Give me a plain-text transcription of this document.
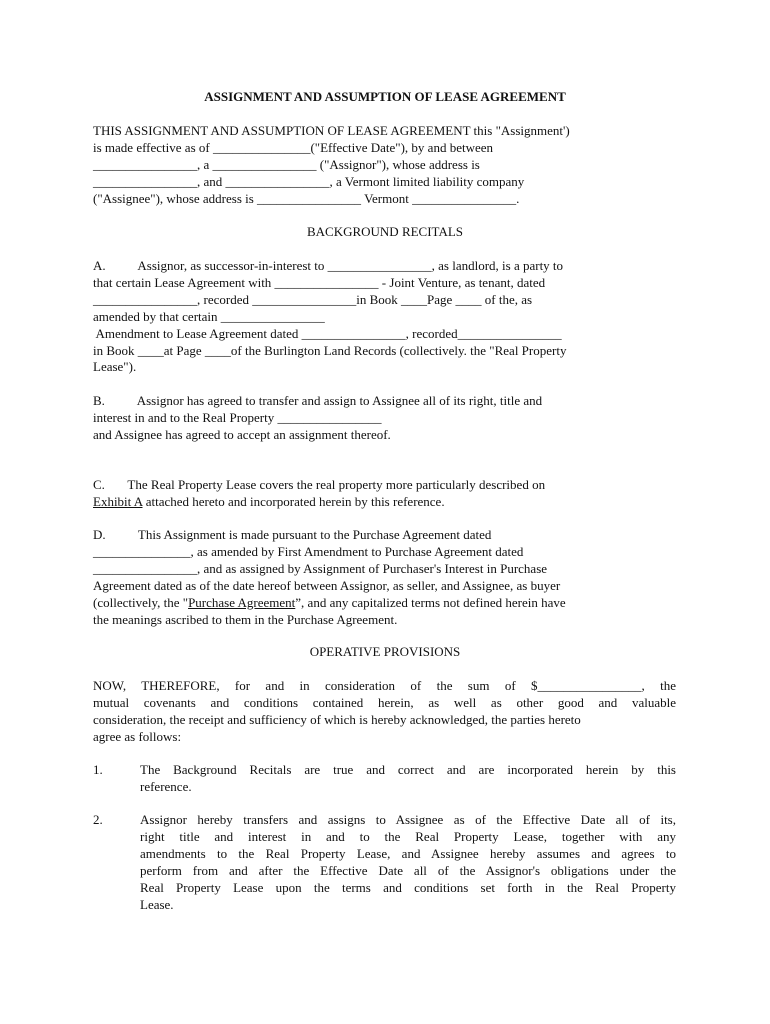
ASSIGNMENT AND ASSUMPTION OF LEASE AGREEMENT
THIS ASSIGNMENT AND ASSUMPTION OF LEASE AGREEMENT this "Assignment')
is made effective as of _______________("Effective Date"), by and between
________________, a ________________ ("Assignor"), whose address is
________________, and ________________, a Vermont limited liability company
("Assignee"), whose address is ________________ Vermont ________________.
BACKGROUND RECITALS
A.          Assignor, as successor-in-interest to ________________, as landlord, is a party to
that certain Lease Agreement with ________________ - Joint Venture, as tenant, dated
________________, recorded ________________in Book ____Page ____ of the, as
amended by that certain ________________
Amendment to Lease Agreement dated ________________, recorded________________
in Book ____at Page ____of the Burlington Land Records (collectively. the "Real Property
Lease").
B.          Assignor has agreed to transfer and assign to Assignee all of its right, title and
interest in and to the Real Property ________________
and Assignee has agreed to accept an assignment thereof.
C.       The Real Property Lease covers the real property more particularly described on
Exhibit A attached hereto and incorporated herein by this reference.
D.          This Assignment is made pursuant to the Purchase Agreement dated
_______________, as amended by First Amendment to Purchase Agreement dated
________________, and as assigned by Assignment of Purchaser's Interest in Purchase
Agreement dated as of the date hereof between Assignor, as seller, and Assignee, as buyer
(collectively, the "Purchase Agreement”, and any capitalized terms not defined herein have
the meanings ascribed to them in the Purchase Agreement.
OPERATIVE PROVISIONS
NOW, THEREFORE, for and in consideration of the sum of $________________, the
mutual covenants and conditions contained herein, as well as other good and valuable
consideration, the receipt and sufficiency of which is hereby acknowledged, the parties hereto
agree as follows:
1.	The Background Recitals are true and correct and are incorporated herein by this
reference.
2.	Assignor hereby transfers and assigns to Assignee as of the Effective Date all of its,
right title and interest in and to the Real Property Lease, together with any
amendments to the Real Property Lease, and Assignee hereby assumes and agrees to
perform from and after the Effective Date all of the Assignor's obligations under the
Real Property Lease upon the terms and conditions set forth in the Real Property
Lease.
